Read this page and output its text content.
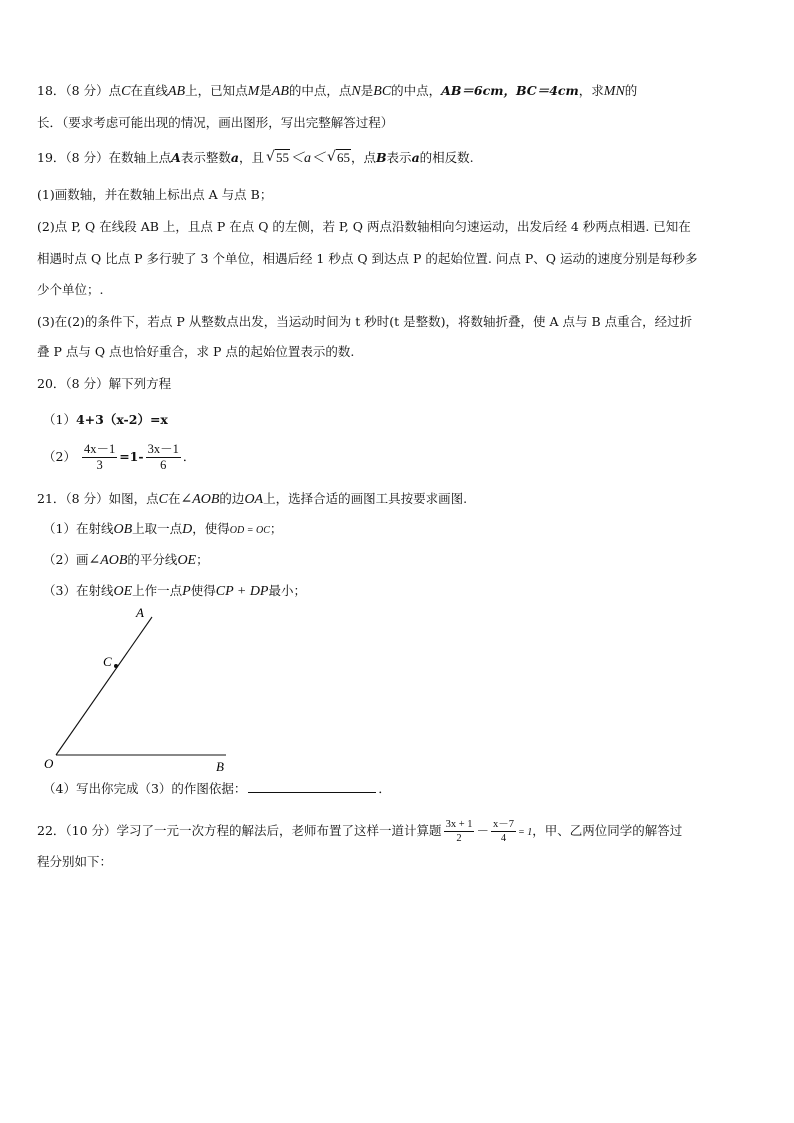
18．（8 分）点C在直线AB上，已知点M是AB的中点，点N是BC的中点，AB＝6cm，BC＝4cm，求MN的
长．（要求考虑可能出现的情况，画出图形，写出完整解答过程）
19．（8 分）在数轴上点A表示整数a，且 √ 55＜a＜ √ 65，点B表示a的相反数.
(1)画数轴，并在数轴上标出点 A 与点 B；
(2)点 P, Q 在线段 AB 上，且点 P 在点 Q 的左侧，若 P, Q 两点沿数轴相向匀速运动，出发后经 4 秒两点相遇. 已知在
相遇时点 Q 比点 P 多行驶了 3 个单位，相遇后经 1 秒点 Q 到达点 P 的起始位置. 问点 P、Q 运动的速度分别是每秒多
少个单位；.
(3)在(2)的条件下，若点 P 从整数点出发，当运动时间为 t 秒时(t 是整数)，将数轴折叠，使 A 点与 B 点重合，经过折
叠 P 点与 Q 点也恰好重合，求 P 点的起始位置表示的数.
20．（8 分）解下列方程
（1）4+3（x-2）=x
$(2) \frac{4x-1}{3} =1- \frac{3x-1}{6}$ ．
21．（8 分）如图，点C在∠AOB的边OA上，选择合适的画图工具按要求画图.
（1）在射线OB上取一点D，使得OD = OC；
（2）画∠AOB的平分线OE；
（3）在射线OE上作一点P使得CP + DP最小；
A
C
O	B
（4）写出你完成（3）的作图依据：	．
22．（10 分）学习了一元一次方程的解法后，老师布置了这样一道计算题 $\frac{3x + 1}{2} - \frac{x-7}{4} = 1$，甲、乙两位同学的解答过
程分别如下：
